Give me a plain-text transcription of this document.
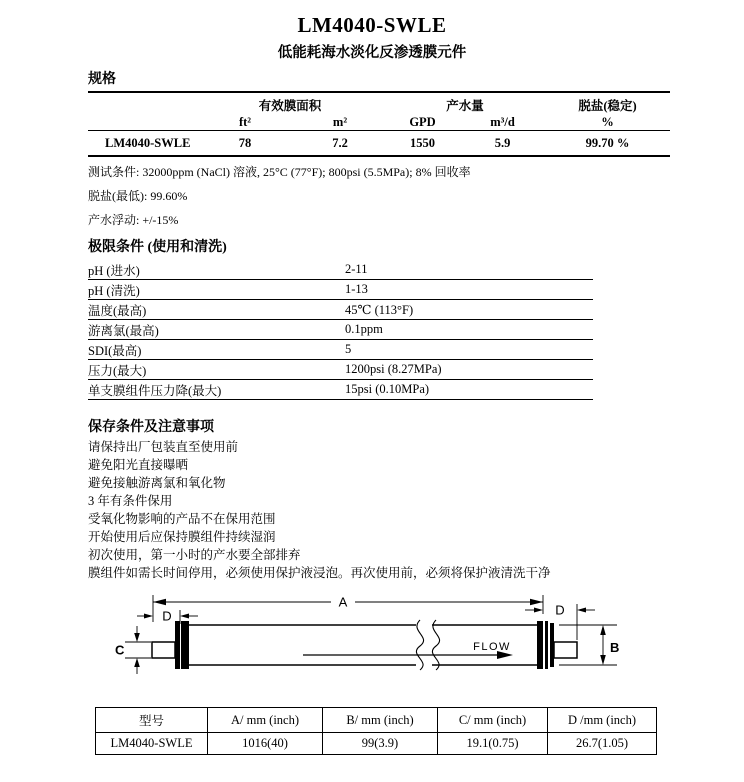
LM4040-SWLE
低能耗海水淡化反渗透膜元件
规格
	有效膜面积		产水量		脱盐(稳定)
	ft²	m²	GPD	m³/d	%
LM4040-SWLE	78	7.2	1550	5.9	99.70 %
测试条件: 32000ppm (NaCl) 溶液, 25°C (77°F); 800psi (5.5MPa); 8% 回收率
脱盐(最低): 99.60%
产水浮动: +/-15%
极限条件 (使用和清洗)
pH (进水)	2-11
pH (清洗)	1-13
温度(最高)	45℃ (113°F)
游离氯(最高)	0.1ppm
SDI(最高)	5
压力(最大)	1200psi (8.27MPa)
单支膜组件压力降(最大)	15psi (0.10MPa)
保存条件及注意事项
请保持出厂包装直至使用前
避免阳光直接曝晒
避免接触游离氯和氧化物
3 年有条件保用
受氧化物影响的产品不在保用范围
开始使用后应保持膜组件持续湿润
初次使用，第一小时的产水要全部排弃
膜组件如需长时间停用，必须使用保护液浸泡。再次使用前，必须将保护液清洗干净
FLOW
A
D	D
B
C
型号	A/ mm (inch)	B/ mm (inch)	C/ mm (inch)	D /mm (inch)
LM4040-SWLE	1016(40)	99(3.9)	19.1(0.75)	26.7(1.05)
